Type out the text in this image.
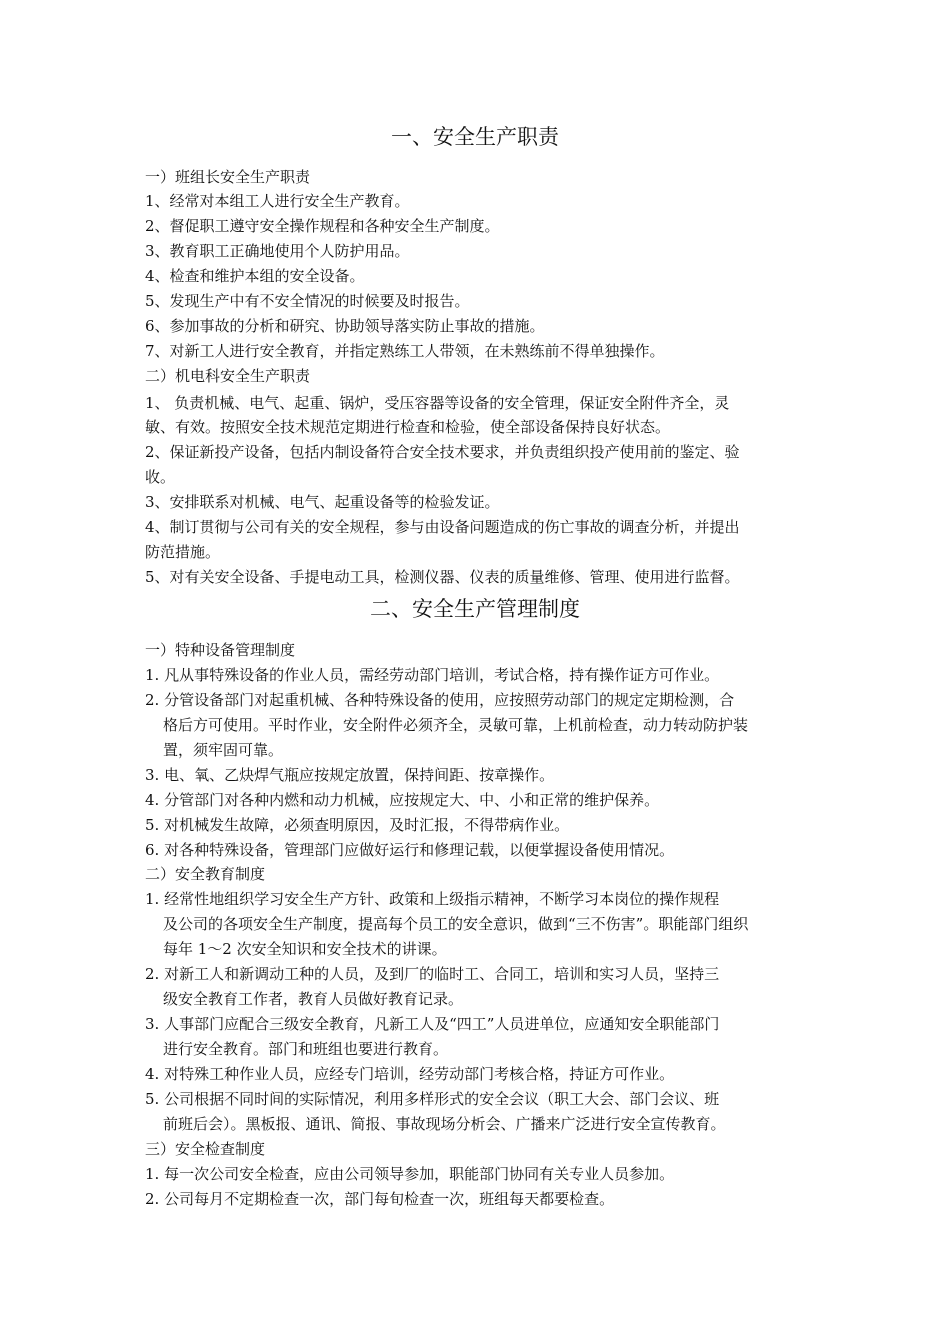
一、安全生产职责
一）班组长安全生产职责
1、经常对本组工人进行安全生产教育。
2、督促职工遵守安全操作规程和各种安全生产制度。
3、教育职工正确地使用个人防护用品。
4、检查和维护本组的安全设备。
5、发现生产中有不安全情况的时候要及时报告。
6、参加事故的分析和研究、协助领导落实防止事故的措施。
7、对新工人进行安全教育，并指定熟练工人带领，在未熟练前不得单独操作。
二）机电科安全生产职责
1、 负责机械、电气、起重、锅炉，受压容器等设备的安全管理，保证安全附件齐全，灵
敏、有效。按照安全技术规范定期进行检查和检验，使全部设备保持良好状态。
2、保证新投产设备，包括内制设备符合安全技术要求，并负责组织投产使用前的鉴定、验
收。
3、安排联系对机械、电气、起重设备等的检验发证。
4、制订贯彻与公司有关的安全规程，参与由设备问题造成的伤亡事故的调查分析，并提出
防范措施。
5、对有关安全设备、手提电动工具，检测仪器、仪表的质量维修、管理、使用进行监督。
二、安全生产管理制度
一）特种设备管理制度
1. 凡从事特殊设备的作业人员，需经劳动部门培训，考试合格，持有操作证方可作业。
2. 分管设备部门对起重机械、各种特殊设备的使用，应按照劳动部门的规定定期检测，合
格后方可使用。平时作业，安全附件必须齐全，灵敏可靠，上机前检查，动力转动防护装
置，须牢固可靠。
3. 电、氧、乙炔焊气瓶应按规定放置，保持间距、按章操作。
4. 分管部门对各种内燃和动力机械，应按规定大、中、小和正常的维护保养。
5. 对机械发生故障，必须查明原因，及时汇报，不得带病作业。
6. 对各种特殊设备，管理部门应做好运行和修理记载，以便掌握设备使用情况。
二）安全教育制度
1. 经常性地组织学习安全生产方针、政策和上级指示精神，不断学习本岗位的操作规程
及公司的各项安全生产制度，提高每个员工的安全意识，做到“三不伤害”。职能部门组织
每年 1～2 次安全知识和安全技术的讲课。
2. 对新工人和新调动工种的人员，及到厂的临时工、合同工，培训和实习人员，坚持三
级安全教育工作者，教育人员做好教育记录。
3. 人事部门应配合三级安全教育，凡新工人及“四工”人员进单位，应通知安全职能部门
进行安全教育。部门和班组也要进行教育。
4. 对特殊工种作业人员，应经专门培训，经劳动部门考核合格，持证方可作业。
5. 公司根据不同时间的实际情况，利用多样形式的安全会议（职工大会、部门会议、班
前班后会）。黑板报、通讯、简报、事故现场分析会、广播来广泛进行安全宣传教育。
三）安全检查制度
1. 每一次公司安全检查，应由公司领导参加，职能部门协同有关专业人员参加。
2. 公司每月不定期检查一次，部门每旬检查一次，班组每天都要检查。
